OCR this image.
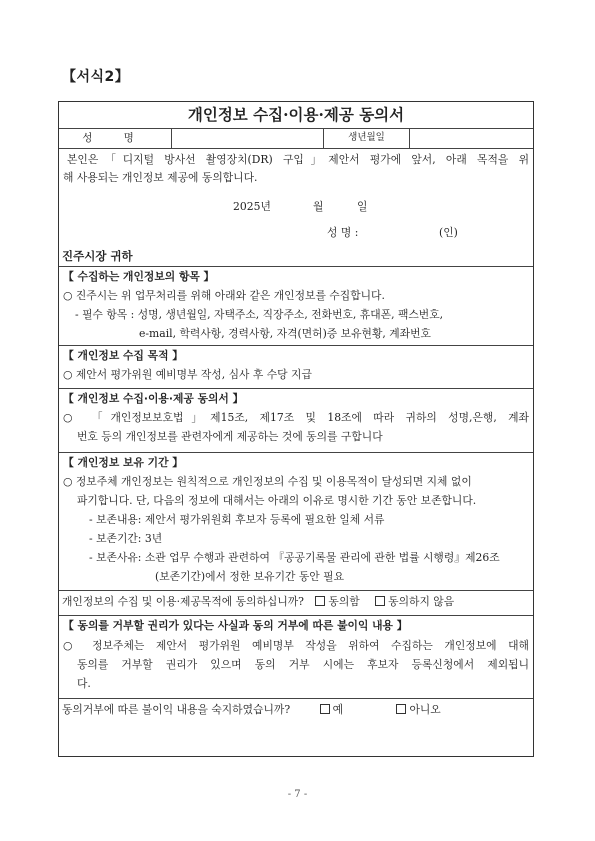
【서식2】
개인정보 수집·이용·제공 동의서
성 명	생년월일
본인은「디지털 방사선 촬영장치(DR) 구입」제안서 평가에 앞서, 아래 목적을 위
해 사용되는 개인정보 제공에 동의합니다.
2025년	월	일
성 명 :	(인)
진주시장 귀하
【 수집하는 개인정보의 항목 】
○ 진주시는 위 업무처리를 위해 아래와 같은 개인정보를 수집합니다.
- 필수 항목 : 성명, 생년월일, 자택주소, 직장주소, 전화번호, 휴대폰, 팩스번호,
e-mail, 학력사항, 경력사항, 자격(면허)증 보유현황, 계좌번호
【 개인정보 수집 목적 】
○ 제안서 평가위원 예비명부 작성, 심사 후 수당 지급
【 개인정보 수집·이용·제공 동의서 】
○ 「개인정보보호법」제15조, 제17조 및 18조에 따라 귀하의 성명,은행, 계좌
번호 등의 개인정보를 관련자에게 제공하는 것에 동의를 구합니다
【 개인정보 보유 기간 】
○ 정보주체 개인정보는 원칙적으로 개인정보의 수집 및 이용목적이 달성되면 지체 없이
파기합니다. 단, 다음의 정보에 대해서는 아래의 이유로 명시한 기간 동안 보존합니다.
- 보존내용: 제안서 평가위원회 후보자 등록에 필요한 일체 서류
- 보존기간: 3년
- 보존사유: 소관 업무 수행과 관련하여 『공공기록물 관리에 관한 법률 시행령』제26조
(보존기간)에서 정한 보유기간 동안 필요
개인정보의 수집 및 이용·제공목적에 동의하십니까? 동의함	동의하지 않음
【 동의를 거부할 권리가 있다는 사실과 동의 거부에 따른 불이익 내용 】
○ 정보주체는 제안서 평가위원 예비명부 작성을 위하여 수집하는 개인정보에 대해
동의를 거부할 권리가 있으며 동의 거부 시에는 후보자 등록신청에서 제외됩니
다.
동의거부에 따른 불이익 내용을 숙지하였습니까?	예	아니오
- 7 -
